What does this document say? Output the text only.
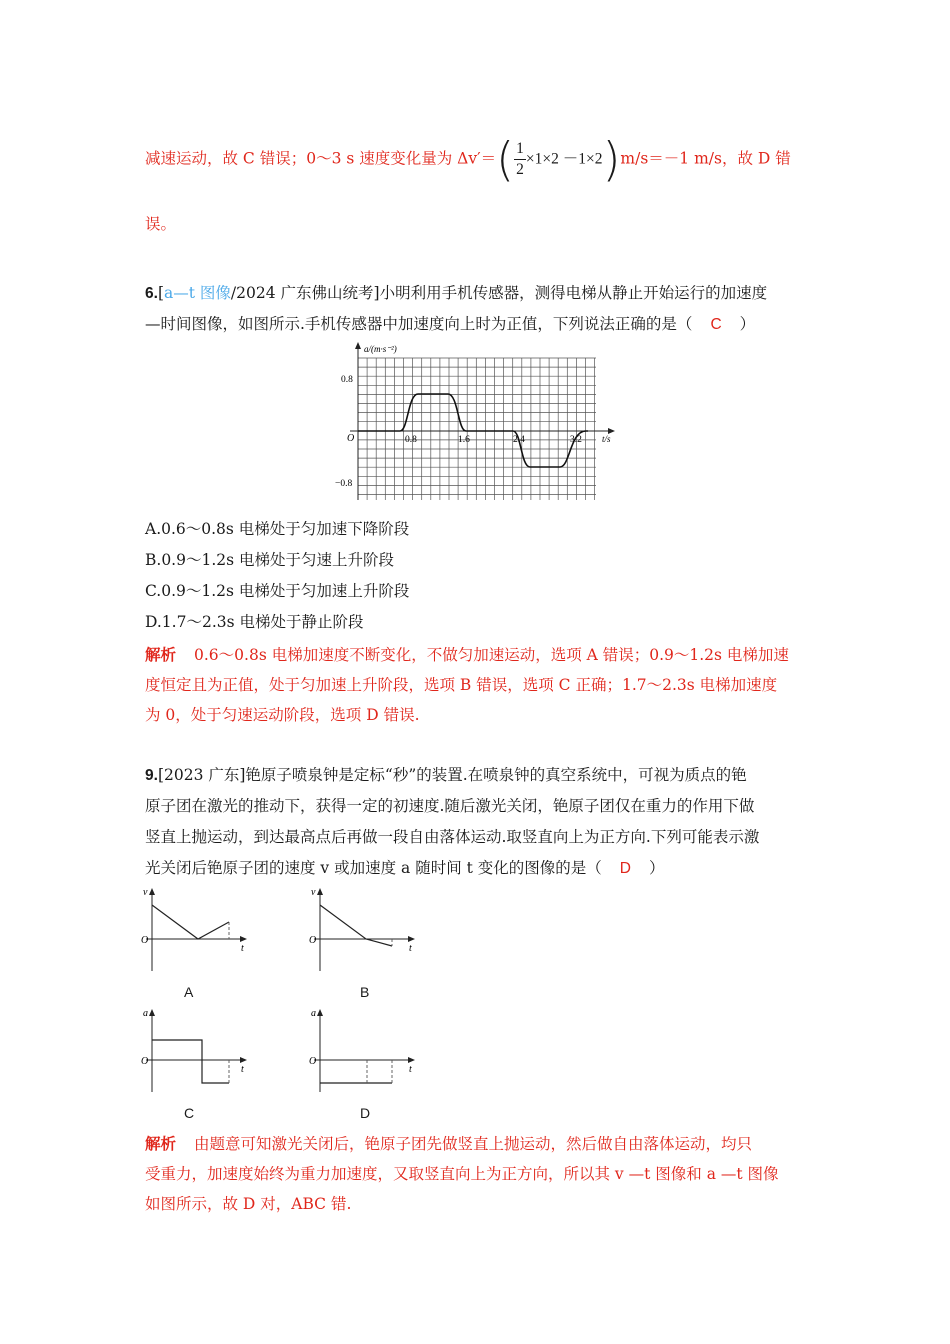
减速运动，故 C 错误；0～3 s 速度变化量为 $\Delta v'=( \frac{1}{2} \times 1\times 2 -1\times 2)m/s=-1$ m/s，故 D 错
误。
6.[a—t 图像/2024 广东佛山统考]小明利用手机传感器，测得电梯从静止开始运行的加速度
—时间图像，如图所示.手机传感器中加速度向上时为正值，下列说法正确的是（ C ）
a/(m·s⁻²)
0.8
−0.8
O	0.8	1.6	2.4	3.2 t/s
A.0.6～0.8s 电梯处于匀加速下降阶段
B.0.9～1.2s 电梯处于匀速上升阶段
C.0.9～1.2s 电梯处于匀加速上升阶段
D.1.7～2.3s 电梯处于静止阶段
解析 0.6～0.8s 电梯加速度不断变化，不做匀加速运动，选项 A 错误；0.9～1.2s 电梯加速
度恒定且为正值，处于匀加速上升阶段，选项 B 错误，选项 C 正确；1.7～2.3s 电梯加速度
为 0，处于匀速运动阶段，选项 D 错误.
9.[2023 广东]铯原子喷泉钟是定标“秒”的装置.在喷泉钟的真空系统中，可视为质点的铯
原子团在激光的推动下，获得一定的初速度.随后激光关闭，铯原子团仅在重力的作用下做
竖直上抛运动，到达最高点后再做一段自由落体运动.取竖直向上为正方向.下列可能表示激
光关闭后铯原子团的速度 v 或加速度 a 随时间 t 变化的图像的是（ D ）
v
O
t
A
v
O
t
B
a
O
t
C
a
O
t
D
解析 由题意可知激光关闭后，铯原子团先做竖直上抛运动，然后做自由落体运动，均只
受重力，加速度始终为重力加速度，又取竖直向上为正方向，所以其 v —t 图像和 a —t 图像
如图所示，故 D 对，ABC 错.
